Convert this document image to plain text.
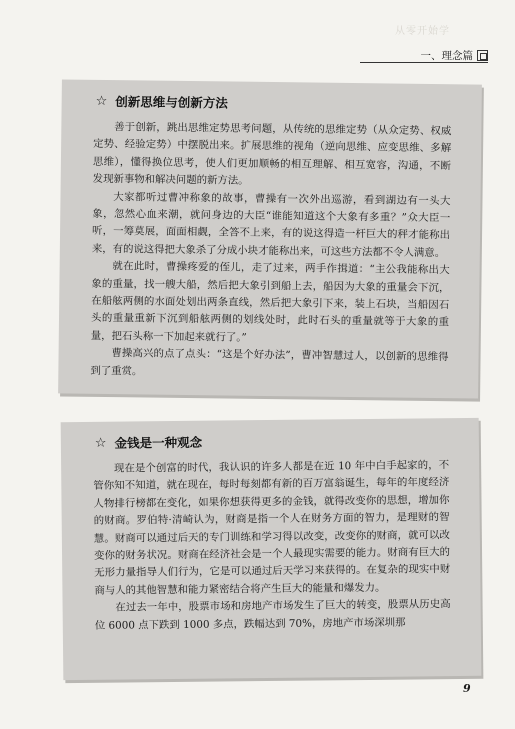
从零开始学
一、理念篇
☆ 创新思维与创新方法

善于创新，跳出思维定势思考问题，从传统的思维定势（从众定势、权威定势、经验定势）中摆脱出来。扩展思维的视角（逆向思维、应变思维、多解思维），懂得换位思考，使人们更加顺畅的相互理解、相互宽容，沟通，不断发现新事物和解决问题的新方法。

大家都听过曹冲称象的故事，曹操有一次外出巡游，看到湖边有一头大象，忽然心血来潮，就问身边的大臣“谁能知道这个大象有多重？”众大臣一听，一筹莫展，面面相觑，全答不上来，有的说这得造一杆巨大的秤才能称出来，有的说这得把大象杀了分成小块才能称出来，可这些方法都不令人满意。

就在此时，曹操疼爱的侄儿，走了过来，两手作揖道：“主公我能称出大象的重量，找一艘大船，然后把大象引到船上去，船因为大象的重量会下沉，在船舷两侧的水面处划出两条直线，然后把大象引下来，装上石块，当船因石头的重量重新下沉到船舷两侧的划线处时，此时石头的重量就等于大象的重量，把石头称一下加起来就行了。”

曹操高兴的点了点头：“这是个好办法”，曹冲智慧过人，以创新的思维得到了重赏。

☆ 金钱是一种观念

现在是个创富的时代，我认识的许多人都是在近 10 年中白手起家的，不管你知不知道，就在现在，每时每刻都有新的百万富翁诞生，每年的年度经济人物排行榜都在变化，如果你想获得更多的金钱，就得改变你的思想，增加你的财商。罗伯特·清崎认为，财商是指一个人在财务方面的智力，是理财的智慧。财商可以通过后天的专门训练和学习得以改变，改变你的财商，就可以改变你的财务状况。财商在经济社会是一个人最现实需要的能力。财商有巨大的无形力量指导人们行为，它是可以通过后天学习来获得的。在复杂的现实中财商与人的其他智慧和能力紧密结合将产生巨大的能量和爆发力。

在过去一年中，股票市场和房地产市场发生了巨大的转变，股票从历史高位 6000 点下跌到 1000 多点，跌幅达到 70%，房地产市场深圳那

9
